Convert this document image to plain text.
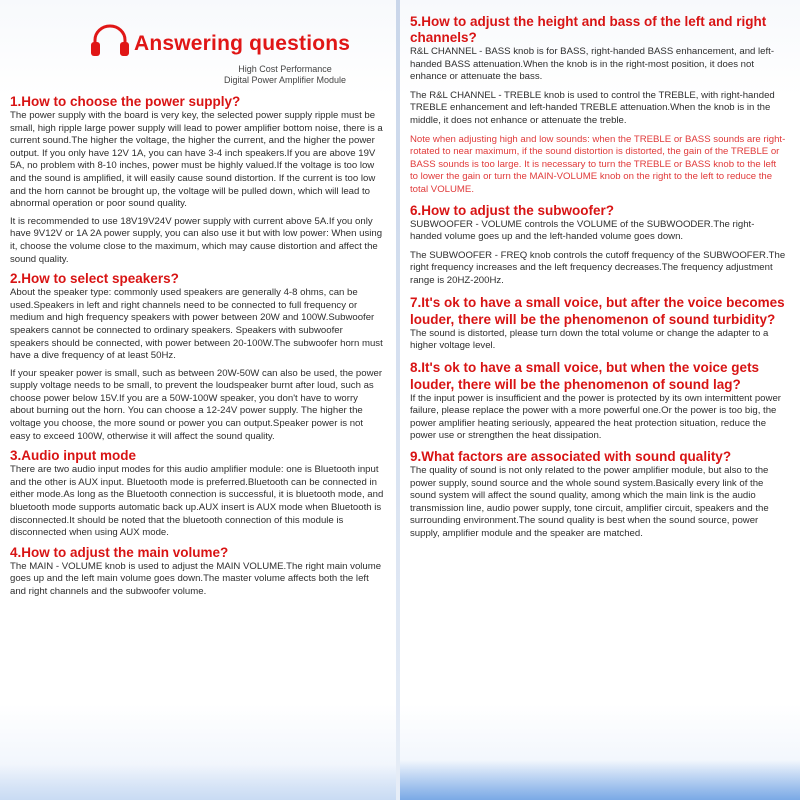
Answering questions
High Cost Performance
Digital Power Amplifier Module
1.How to choose the power supply?

The power supply with the board is very key, the selected power supply ripple must be small, high ripple large power supply will lead to power amplifier bottom noise, there is a current sound.The higher the voltage, the higher the current, and the higher the power output. If you only have 12V 1A, you can have 3-4 inch speakers.If you are above 19V 5A, no problem with 8-10 inches, power must be highly valued.If the voltage is too low and the sound is amplified, it will easily cause sound distortion. If the current is too low and the horn cannot be brought up, the voltage will be pulled down, which will lead to abnormal operation or poor sound quality.

It is recommended to use 18V19V24V power supply with current above 5A.If you only have 9V12V or 1A 2A power supply, you can also use it but with low power: When using it, choose the volume close to the maximum, which may cause distortion and affect the sound quality.

2.How to select speakers?

About the speaker type: commonly used speakers are generally 4-8 ohms, can be used.Speakers in left and right channels need to be connected to full frequency or medium and high frequency speakers with power between 20W and 100W.Subwoofer speakers cannot be connected to ordinary speakers. Speakers with subwoofer speakers should be connected, with power between 20-100W.The subwoofer horn must have a dive frequency of at least 50Hz.

If your speaker power is small, such as between 20W-50W can also be used, the power supply voltage needs to be small, to prevent the loudspeaker burnt after loud, such as choose power below 15V.If you are a 50W-100W speaker, you don't have to worry about burning out the horn. You can choose a 12-24V power supply. The higher the voltage you choose, the more sound or power you can output.Speaker power is not easy to exceed 100W, otherwise it will affect the sound quality.

3.Audio input mode

There are two audio input modes for this audio amplifier module: one is Bluetooth input and the other is AUX input. Bluetooth mode is preferred.Bluetooth can be connected in either mode.As long as the Bluetooth connection is successful, it is bluetooth mode, and bluetooth mode supports automatic back up.AUX insert is AUX mode when Bluetooth is disconnected.It should be noted that the bluetooth connection of this module is disconnected when using AUX mode.

4.How to adjust the main volume?

The MAIN - VOLUME knob is used to adjust the MAIN VOLUME.The right main volume goes up and the left main volume goes down.The master volume affects both the left and right channels and the subwoofer volume.

5.How to adjust the height and bass of the left and right channels?

R&L CHANNEL - BASS knob is for BASS, right-handed BASS enhancement, and left-handed BASS attenuation.When the knob is in the right-most position, it does not enhance or attenuate the bass.

The R&L CHANNEL - TREBLE knob is used to control the TREBLE, with right-handed TREBLE enhancement and left-handed TREBLE attenuation.When the knob is in the middle, it does not enhance or attenuate the treble.

Note when adjusting high and low sounds: when the TREBLE or BASS sounds are right-rotated to near maximum, if the sound distortion is distorted, the gain of the TREBLE or BASS sounds is too large. It is necessary to turn the TREBLE or BASS knob to the left to lower the gain or turn the MAIN-VOLUME knob on the right to the left to reduce the total VOLUME.

6.How to adjust the subwoofer?

SUBWOOFER - VOLUME controls the VOLUME of the SUBWOODER.The right-handed volume goes up and the left-handed volume goes down.

The SUBWOOFER - FREQ knob controls the cutoff frequency of the SUBWOOFER.The right frequency increases and the left frequency decreases.The frequency adjustment range is 20HZ-200Hz.

7.It's ok to have a small voice, but after the voice becomes louder, there will be the phenomenon of sound turbidity?

The sound is distorted, please turn down the total volume or change the adapter to a higher voltage level.

8.It's ok to have a small voice, but when the voice gets louder, there will be the phenomenon of sound lag?

If the input power is insufficient and the power is protected by its own intermittent power failure, please replace the power with a more powerful one.Or the power is too big, the power amplifier heating seriously, appeared the heat protection situation, reduce the power use or strengthen the heat dissipation.

9.What factors are associated with sound quality?

The quality of sound is not only related to the power amplifier module, but also to the power supply, sound source and the whole sound system.Basically every link of the sound system will affect the sound quality, among which the main link is the audio transmission line, audio power supply, tone circuit, amplifier circuit, speakers and the surrounding environment.The sound quality is best when the sound source, power supply, amplifier module and the speaker are matched.
